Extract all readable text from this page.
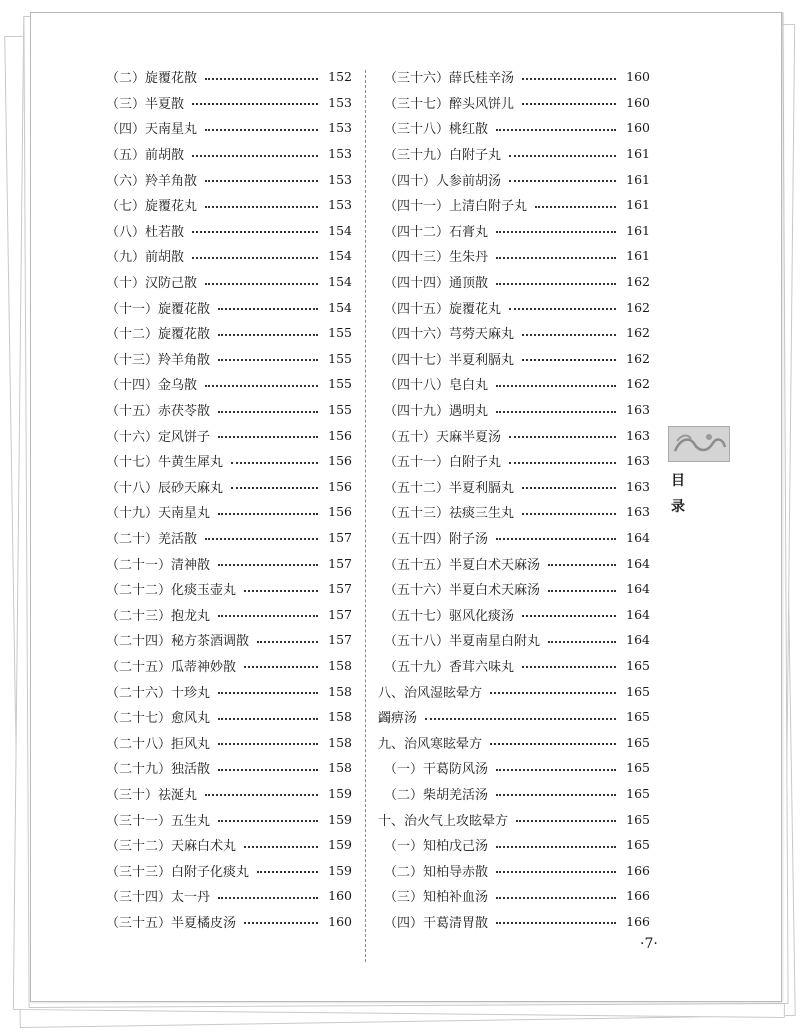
（二）旋覆花散	152
（三）半夏散	153
（四）天南星丸	153
（五）前胡散	153
（六）羚羊角散	153
（七）旋覆花丸	153
（八）杜若散	154
（九）前胡散	154
（十）汉防己散	154
（十一）旋覆花散	154
（十二）旋覆花散	155
（十三）羚羊角散	155
（十四）金乌散	155
（十五）赤茯苓散	155
（十六）定风饼子	156
（十七）牛黄生犀丸	156
（十八）辰砂天麻丸	156
（十九）天南星丸	156
（二十）羌活散	157
（二十一）清神散	157
（二十二）化痰玉壶丸	157
（二十三）抱龙丸	157
（二十四）秘方茶酒调散	157
（二十五）瓜蒂神妙散	158
（二十六）十珍丸	158
（二十七）愈风丸	158
（二十八）拒风丸	158
（二十九）独活散	158
（三十）祛涎丸	159
（三十一）五生丸	159
（三十二）天麻白术丸	159
（三十三）白附子化痰丸	159
（三十四）太一丹	160
（三十五）半夏橘皮汤	160
（三十六）薛氏桂辛汤	160
（三十七）醉头风饼儿	160
（三十八）桃红散	160
（三十九）白附子丸	161
（四十）人参前胡汤	161
（四十一）上清白附子丸	161
（四十二）石膏丸	161
（四十三）生朱丹	161
（四十四）通顶散	162
（四十五）旋覆花丸	162
（四十六）芎䓖天麻丸	162
（四十七）半夏利膈丸	162
（四十八）皂白丸	162
（四十九）遇明丸	163
（五十）天麻半夏汤	163
（五十一）白附子丸	163
（五十二）半夏利膈丸	163
（五十三）祛痰三生丸	163
（五十四）附子汤	164
（五十五）半夏白术天麻汤	164
（五十六）半夏白术天麻汤	164
（五十七）驱风化痰汤	164
（五十八）半夏南星白附丸	164
（五十九）香茸六味丸	165
八、治风湿眩晕方	165
蠲痹汤	165
九、治风寒眩晕方	165
（一）干葛防风汤	165
（二）柴胡羌活汤	165
十、治火气上攻眩晕方	165
（一）知柏戊己汤	165
（二）知柏导赤散	166
（三）知柏补血汤	166
（四）干葛清胃散	166
目
录
·7·
